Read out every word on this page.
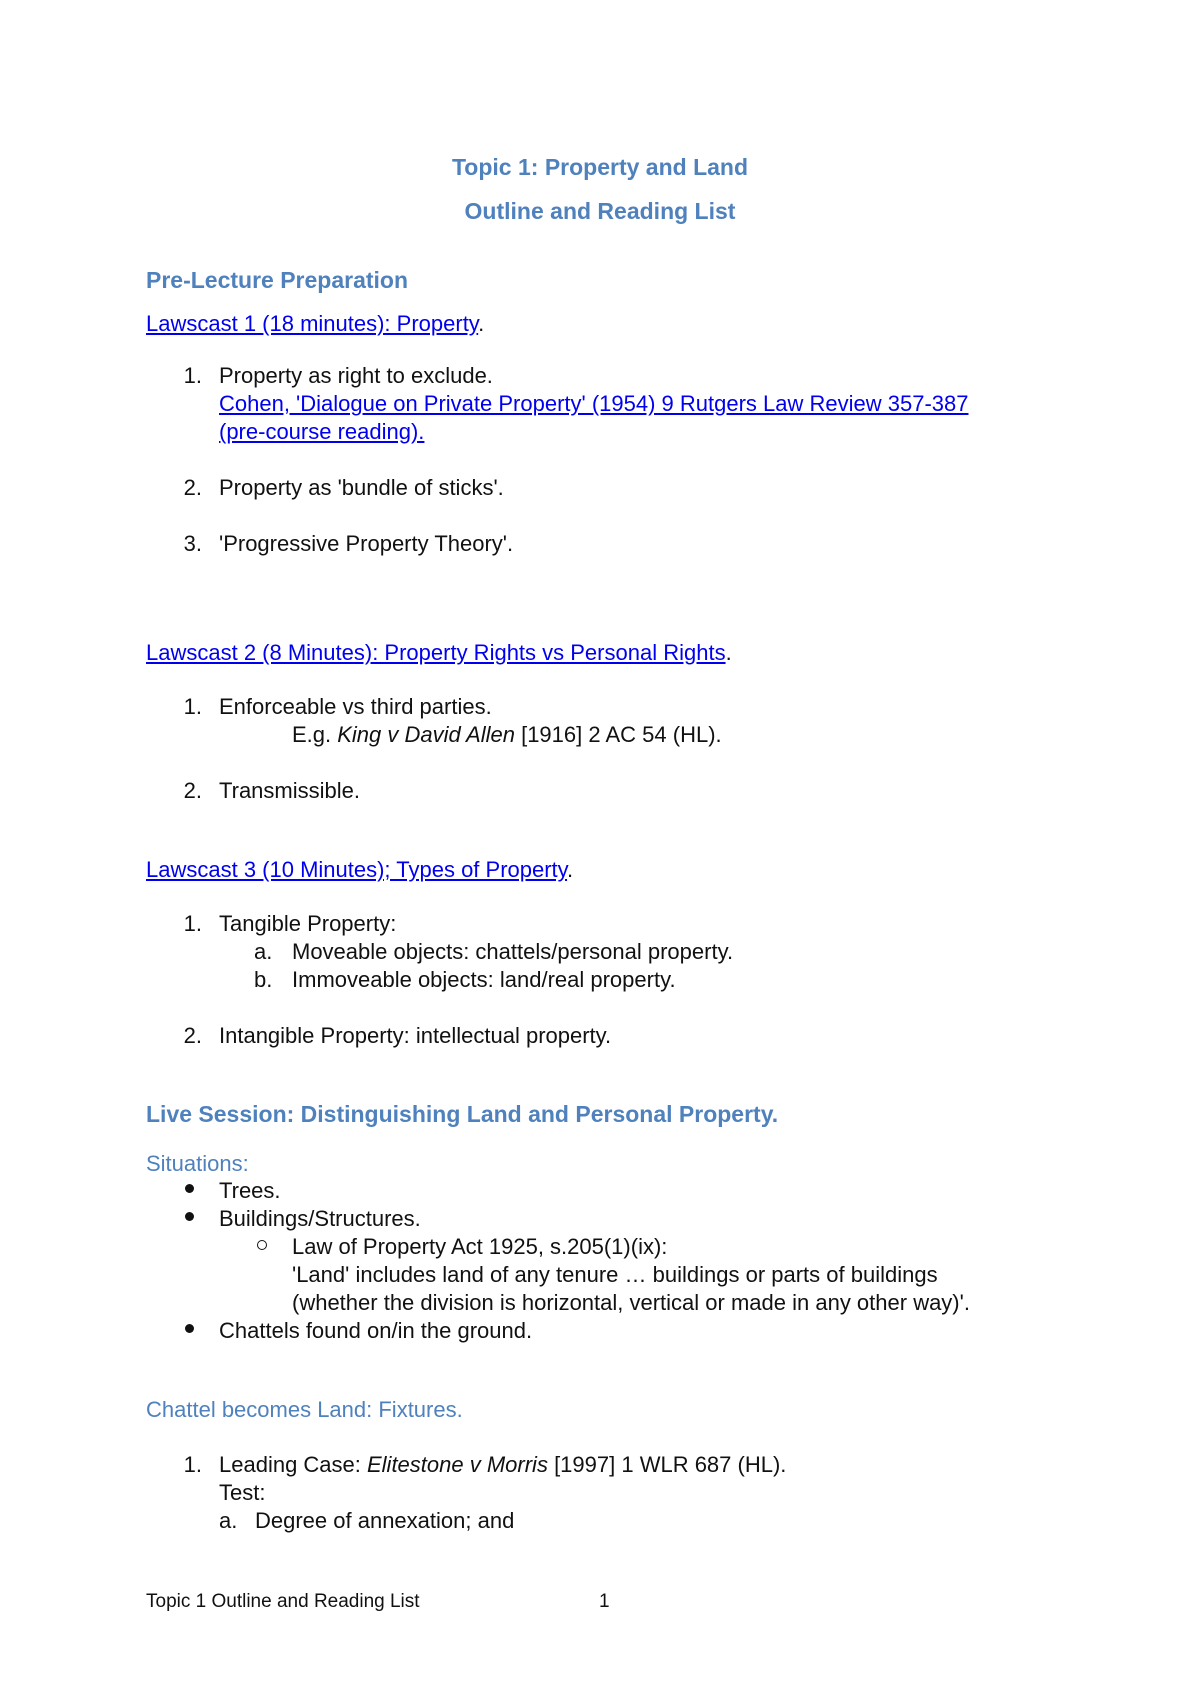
Topic 1: Property and Land
Outline and Reading List
Pre-Lecture Preparation
Lawscast 1 (18 minutes): Property.
1. Property as right to exclude.
Cohen, 'Dialogue on Private Property' (1954) 9 Rutgers Law Review 357-387
(pre-course reading).
2. Property as 'bundle of sticks'.
3. 'Progressive Property Theory'.
Lawscast 2 (8 Minutes): Property Rights vs Personal Rights.
1. Enforceable vs third parties.
E.g. King v David Allen [1916] 2 AC 54 (HL).
2. Transmissible.
Lawscast 3 (10 Minutes); Types of Property.
1. Tangible Property:
a. Moveable objects: chattels/personal property.
b. Immoveable objects: land/real property.
2. Intangible Property: intellectual property.
Live Session: Distinguishing Land and Personal Property.
Situations:
Trees.
Buildings/Structures.
Law of Property Act 1925, s.205(1)(ix):
'Land' includes land of any tenure … buildings or parts of buildings
(whether the division is horizontal, vertical or made in any other way)'.
Chattels found on/in the ground.
Chattel becomes Land: Fixtures.
1. Leading Case: Elitestone v Morris [1997] 1 WLR 687 (HL).
Test:
a. Degree of annexation; and
Topic 1 Outline and Reading List	1
